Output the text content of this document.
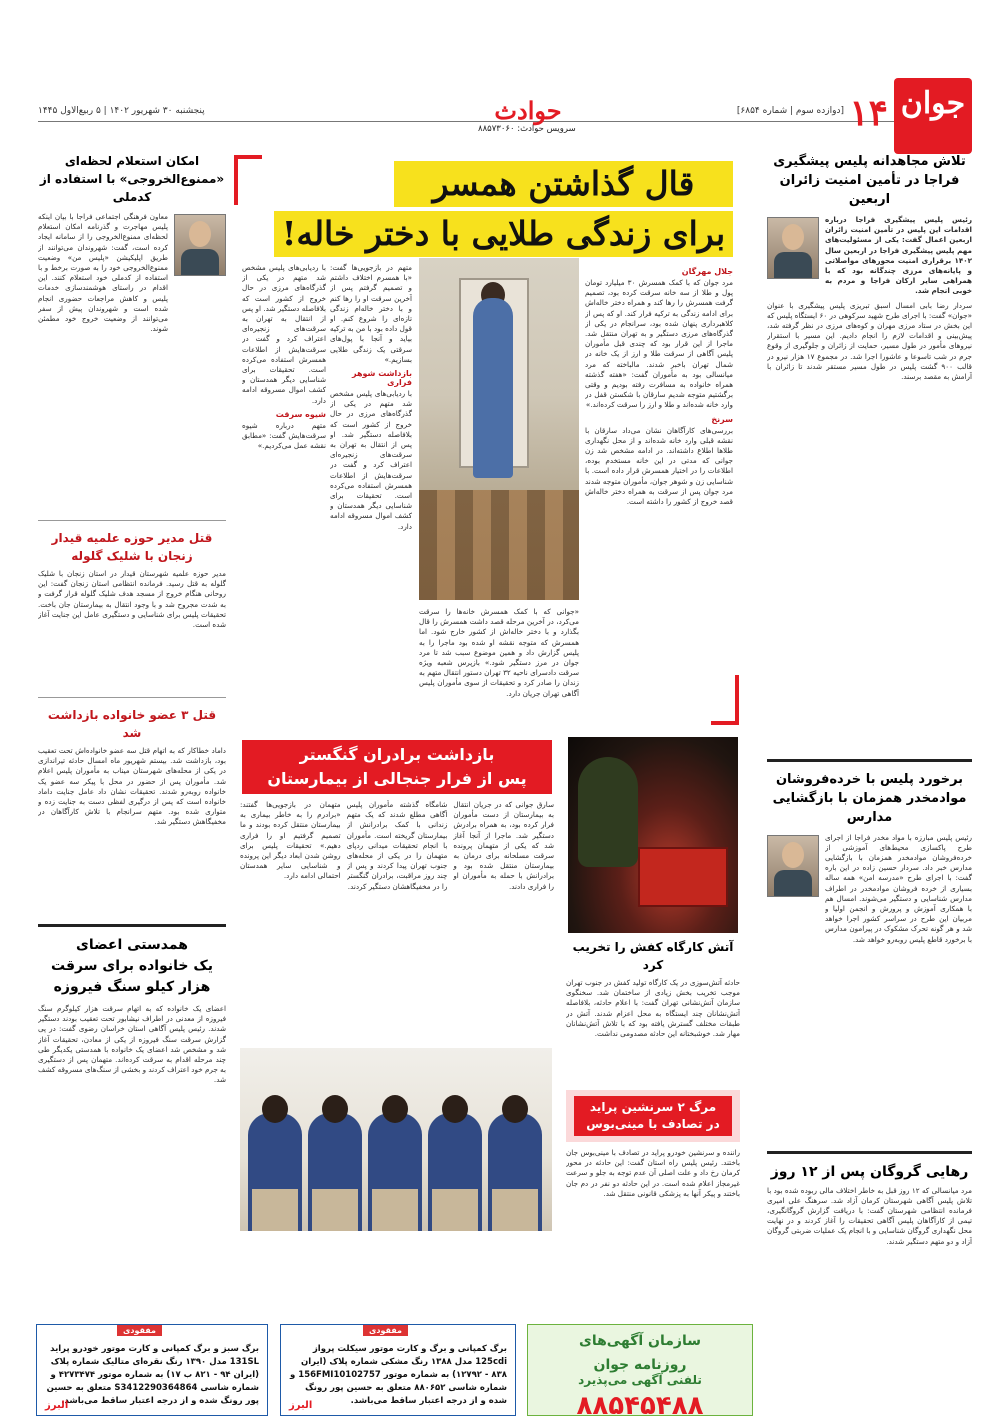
جوان
۱۴
[دوازده سوم | شماره ۶۸۵۴]
حوادث
سرویس حوادث: ۸۸۵۷۳۰۶۰
پنجشنبه ۳۰ شهریور ۱۴۰۲ | ۵ ربیع‌الاول ۱۴۴۵
تلاش مجاهدانه پلیس پیشگیری فراجا در تأمین امنیت زائران اربعین
رئیس پلیس پیشگیری فراجا درباره اقدامات این پلیس در تأمین امنیت زائران اربعین اعمال گفت: یکی از مسئولیت‌های مهم پلیس پیشگیری فراجا در اربعین سال ۱۴۰۲ برقراری امنیت محورهای مواصلاتی و پایانه‌های مرزی چندگانه بود که با همراهی سایر ارکان فراجا و مردم به خوبی انجام شد.
سردار رضا بابی امسال اسبق تبریزی پلیس پیشگیری با عنوان «جوان» گفت: با اجرای طرح شهید سرکوهی در ۶۰ ایستگاه پلیس که این بخش در ستاد مرزی مهران و کوه‌های مرزی در نظر گرفته شد، پیش‌بینی و اقدامات لازم را انجام دادیم. این مسیر با استقرار نیروهای مأمور در طول مسیر، حمایت از زائران و جلوگیری از وقوع جرم در شب تاسوعا و عاشورا اجرا شد. در مجموع ۱۷ هزار نیرو در قالب ۹۰۰ گشت پلیس در طول مسیر مستقر شدند تا زائران با آرامش به مقصد برسند.
برخورد پلیس با خرده‌فروشان موادمخدر همزمان با بازگشایی مدارس
رئیس پلیس مبارزه با مواد مخدر فراجا از اجرای طرح پاکسازی محیط‌های آموزشی از خرده‌فروشان موادمخدر همزمان با بازگشایی مدارس خبر داد. سردار حسین زاده در این باره گفت: با اجرای طرح «مدرسه امن» همه ساله بسیاری از خرده فروشان موادمخدر در اطراف مدارس شناسایی و دستگیر می‌شوند. امسال هم با همکاری آموزش و پرورش و انجمن اولیا و مربیان این طرح در سراسر کشور اجرا خواهد شد و هر گونه تحرک مشکوک در پیرامون مدارس با برخورد قاطع پلیس روبه‌رو خواهد شد.
رهایی گروگان پس از ۱۲ روز
مرد میانسالی که ۱۲ روز قبل به خاطر اختلاف مالی ربوده شده بود با تلاش پلیس آگاهی شهرستان کرمان آزاد شد. سرهنگ علی امیری فرمانده انتظامی شهرستان گفت: با دریافت گزارش گروگانگیری، تیمی از کارآگاهان پلیس آگاهی تحقیقات را آغاز کردند و در نهایت محل نگهداری گروگان شناسایی و با انجام یک عملیات ضربتی گروگان آزاد و دو متهم دستگیر شدند.
قال گذاشتن همسر
برای زندگی طلایی با دختر خاله!
جلال مهرگان
مرد جوان که با کمک همسرش ۳۰ میلیارد تومان پول و طلا از سه خانه سرقت کرده بود، تصمیم گرفت همسرش را رها کند و همراه دختر خاله‌اش برای ادامه زندگی به ترکیه فرار کند. او که پس از کلاهبرداری پنهان شده بود، سرانجام در یکی از گذرگاه‌های مرزی دستگیر و به تهران منتقل شد. ماجرا از این قرار بود که چندی قبل مأموران پلیس آگاهی از سرقت طلا و ارز از یک خانه در شمال تهران باخبر شدند. مالباخته که مرد میانسالی بود به مأموران گفت: «هفته گذشته همراه خانواده به مسافرت رفته بودیم و وقتی برگشتیم متوجه شدیم سارقان با شکستن قفل در وارد خانه شده‌اند و طلا و ارز را سرقت کرده‌اند.»
سرنخ
بررسی‌های کارآگاهان نشان می‌داد سارقان با نقشه قبلی وارد خانه شده‌اند و از محل نگهداری طلاها اطلاع داشته‌اند. در ادامه مشخص شد زن جوانی که مدتی در این خانه مستخدم بوده، اطلاعات را در اختیار همسرش قرار داده است. با شناسایی زن و شوهر جوان، مأموران متوجه شدند مرد جوان پس از سرقت به همراه دختر خاله‌اش قصد خروج از کشور را داشته است.
«جوانی که با کمک همسرش خانه‌ها را سرقت می‌کرد، در آخرین مرحله قصد داشت همسرش را قال بگذارد و با دختر خاله‌اش از کشور خارج شود. اما همسرش که متوجه نقشه او شده بود ماجرا را به پلیس گزارش داد و همین موضوع سبب شد تا مرد جوان در مرز دستگیر شود.» بازپرس شعبه ویژه سرقت دادسرای ناحیه ۳۲ تهران دستور انتقال متهم به زندان را صادر کرد و تحقیقات از سوی مأموران پلیس آگاهی تهران جریان دارد.
متهم در بازجویی‌ها گفت: «با همسرم اختلاف داشتم و تصمیم گرفتم پس از آخرین سرقت او را رها کنم و با دختر خاله‌ام زندگی تازه‌ای را شروع کنم. او قول داده بود با من به ترکیه بیاید و آنجا با پول‌های سرقتی یک زندگی طلایی بسازیم.»
بازداشت شوهر فراری
با ردیابی‌های پلیس مشخص شد متهم در یکی از گذرگاه‌های مرزی در حال خروج از کشور است که بلافاصله دستگیر شد. او پس از انتقال به تهران به سرقت‌های زنجیره‌ای اعتراف کرد و گفت در سرقت‌هایش از اطلاعات همسرش استفاده می‌کرده است. تحقیقات برای شناسایی دیگر همدستان و کشف اموال مسروقه ادامه دارد.
با ردیابی‌های پلیس مشخص شد متهم در یکی از گذرگاه‌های مرزی در حال خروج از کشور است که بلافاصله دستگیر شد. او پس از انتقال به تهران به سرقت‌های زنجیره‌ای اعتراف کرد و گفت در سرقت‌هایش از اطلاعات همسرش استفاده می‌کرده است. تحقیقات برای شناسایی دیگر همدستان و کشف اموال مسروقه ادامه دارد.
شیوه سرقت
متهم درباره شیوه سرقت‌هایش گفت: «مطابق نقشه عمل می‌کردیم.»
امکان استعلام لحظه‌ای «ممنوع‌الخروجی» با استفاده از کدملی
معاون فرهنگی اجتماعی فراجا با بیان اینکه پلیس مهاجرت و گذرنامه امکان استعلام لحظه‌ای ممنوع‌الخروجی را از سامانه ایجاد کرده است، گفت: شهروندان می‌توانند از طریق اپلیکیشن «پلیس من» وضعیت ممنوع‌الخروجی خود را به صورت برخط و با استفاده از کدملی خود استعلام کنند. این اقدام در راستای هوشمندسازی خدمات پلیس و کاهش مراجعات حضوری انجام شده است و شهروندان پیش از سفر می‌توانند از وضعیت خروج خود مطمئن شوند.
قتل مدیر حوزه علمیه قیدار زنجان با شلیک گلوله
مدیر حوزه علمیه شهرستان قیدار در استان زنجان با شلیک گلوله به قتل رسید. فرمانده انتظامی استان زنجان گفت: این روحانی هنگام خروج از مسجد هدف شلیک گلوله قرار گرفت و به شدت مجروح شد و با وجود انتقال به بیمارستان جان باخت. تحقیقات پلیس برای شناسایی و دستگیری عامل این جنایت آغاز شده است.
قتل ۳ عضو خانواده بازداشت شد
داماد خطاکار که به اتهام قتل سه عضو خانواده‌اش تحت تعقیب بود، بازداشت شد. بیستم شهریور ماه امسال حادثه تیراندازی در یکی از محله‌های شهرستان میناب به مأموران پلیس اعلام شد. مأموران پس از حضور در محل با پیکر سه عضو یک خانواده روبه‌رو شدند. تحقیقات نشان داد عامل جنایت داماد خانواده است که پس از درگیری لفظی دست به جنایت زده و متواری شده بود. متهم سرانجام با تلاش کارآگاهان در مخفیگاهش دستگیر شد.
همدستی اعضای
یک خانواده برای سرقت
هزار کیلو سنگ فیروزه
اعضای یک خانواده که به اتهام سرقت هزار کیلوگرم سنگ فیروزه از معدنی در اطراف نیشابور تحت تعقیب بودند دستگیر شدند. رئیس پلیس آگاهی استان خراسان رضوی گفت: در پی گزارش سرقت سنگ فیروزه از یکی از معادن، تحقیقات آغاز شد و مشخص شد اعضای یک خانواده با همدستی یکدیگر طی چند مرحله اقدام به سرقت کرده‌اند. متهمان پس از دستگیری به جرم خود اعتراف کردند و بخشی از سنگ‌های مسروقه کشف شد.
بازداشت برادران گنگستر
پس از فرار جنجالی از بیمارستان
سارق جوانی که در جریان انتقال به بیمارستان از دست مأموران فرار کرده بود، به همراه برادرش دستگیر شد. ماجرا از آنجا آغاز شد که یکی از متهمان پرونده سرقت مسلحانه برای درمان به بیمارستان منتقل شده بود و برادرانش با حمله به مأموران او را فراری دادند.
شامگاه گذشته مأموران پلیس آگاهی مطلع شدند که یک متهم زندانی با کمک برادرانش از بیمارستان گریخته است. مأموران با انجام تحقیقات میدانی ردپای متهمان را در یکی از محله‌های جنوب تهران پیدا کردند و پس از چند روز مراقبت، برادران گنگستر را در مخفیگاهشان دستگیر کردند.
متهمان در بازجویی‌ها گفتند: «برادرم را به خاطر بیماری به بیمارستان منتقل کرده بودند و ما تصمیم گرفتیم او را فراری دهیم.» تحقیقات پلیس برای روشن شدن ابعاد دیگر این پرونده و شناسایی سایر همدستان احتمالی ادامه دارد.
آتش کارگاه کفش را تخریب کرد
حادثه آتش‌سوزی در یک کارگاه تولید کفش در جنوب تهران موجب تخریب بخش زیادی از ساختمان شد. سخنگوی سازمان آتش‌نشانی تهران گفت: با اعلام حادثه، بلافاصله آتش‌نشانان چند ایستگاه به محل اعزام شدند. آتش در طبقات مختلف گسترش یافته بود که با تلاش آتش‌نشانان مهار شد. خوشبختانه این حادثه مصدومی نداشت.
مرگ ۲ سرنشین پراید
در تصادف با مینی‌بوس
راننده و سرنشین خودرو پراید در تصادف با مینی‌بوس جان باختند. رئیس پلیس راه استان گفت: این حادثه در محور کرمان رخ داد و علت اصلی آن عدم توجه به جلو و سرعت غیرمجاز اعلام شده است. در این حادثه دو نفر در دم جان باختند و پیکر آنها به پزشکی قانونی منتقل شد.
مفقودی
برگ سبز و برگ کمپانی و کارت موتور خودرو پراید 131SL مدل ۱۳۹۰ رنگ نقره‌ای متالیک شماره پلاک (ایران ۹۴ - ۸۲۱ ب ۱۷) به شماره موتور ۴۲۷۳۴۷۴ و شماره شاسی S3412290364864 متعلق به حسین پور رونگ شده و از درجه اعتبار ساقط می‌باشد.
البرز
مفقودی
برگ کمپانی و برگ و کارت موتور سیکلت پرواز 125cdi مدل ۱۳۸۸ رنگ مشکی شماره پلاک (ایران ۸۳۸ - ۱۲۷۹۲) به شماره موتور 156FMI10102757 و شماره شاسی ۸۸۰۶۵۲ متعلق به حسین پور رونگ شده و از درجه اعتبار ساقط می‌باشد.
البرز
سازمان آگهی‌های
روزنامه جوان
تلفنی آگهی می‌پذیرد
۸۸۵۴۵۴۸۸
